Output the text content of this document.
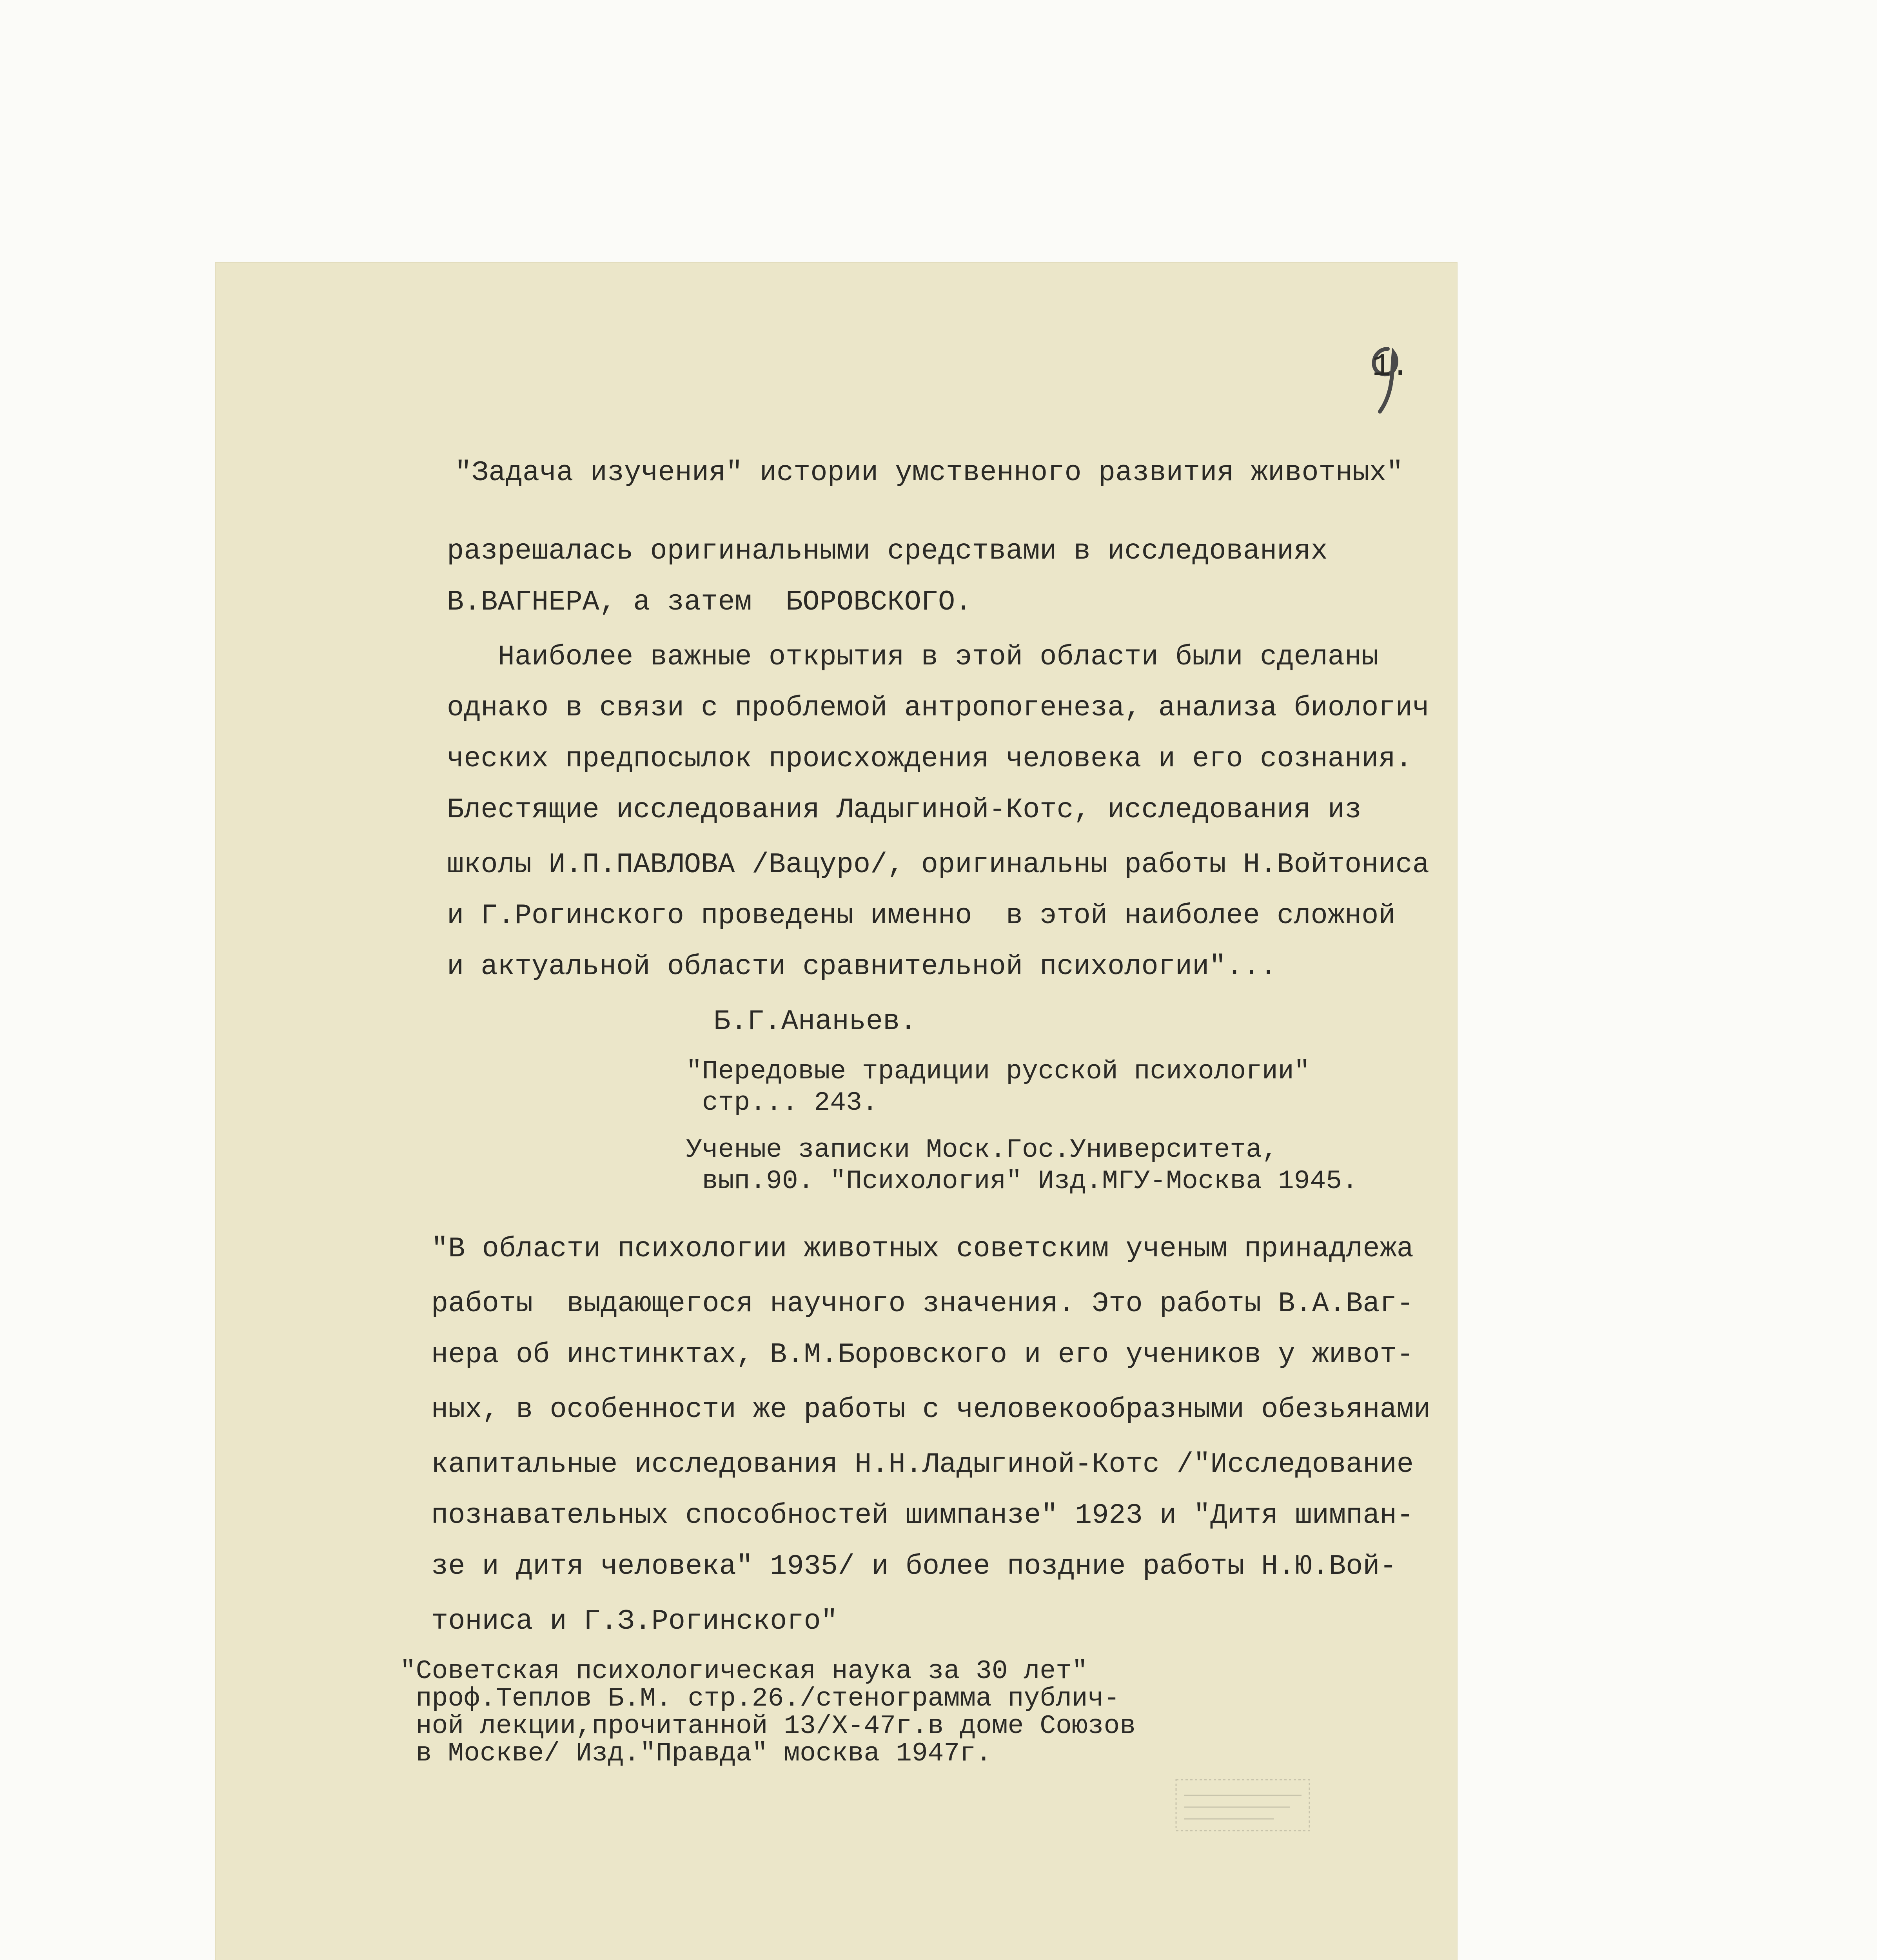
1.

"Задача изучения" истории умственного развития животных"

разрешалась оригинальными средствами в исследованиях

В.ВАГНЕРА, а затем  БОРОВСКОГО.

Наиболее важные открытия в этой области были сделаны

однако в связи с проблемой антропогенеза, анализа биологич

ческих предпосылок происхождения человека и его сознания.

Блестящие исследования Ладыгиной-Котс, исследования из

школы И.П.ПАВЛОВА /Вацуро/, оригинальны работы Н.Войтониса

и Г.Рогинского проведены именно  в этой наиболее сложной

и актуальной области сравнительной психологии"...

Б.Г.Ананьев.

"Передовые традиции русской психологии"

стр... 243.

Ученые записки Моск.Гос.Университета,

вып.90. "Психология" Изд.МГУ-Москва 1945.

"В области психологии животных советским ученым принадлежа

работы  выдающегося научного значения. Это работы В.А.Ваг-

нера об инстинктах, В.М.Боровского и его учеников у живот-

ных, в особенности же работы с человекообразными обезьянами

капитальные исследования Н.Н.Ладыгиной-Котс /"Исследование

познавательных способностей шимпанзе" 1923 и "Дитя шимпан-

зе и дитя человека" 1935/ и более поздние работы Н.Ю.Вой-

тониса и Г.З.Рогинского"

"Советская психологическая наука за 30 лет"

проф.Теплов Б.М. стр.26./стенограмма публич-

ной лекции,прочитанной 13/Х-47г.в доме Союзов

в Москве/ Изд."Правда" москва 1947г.
